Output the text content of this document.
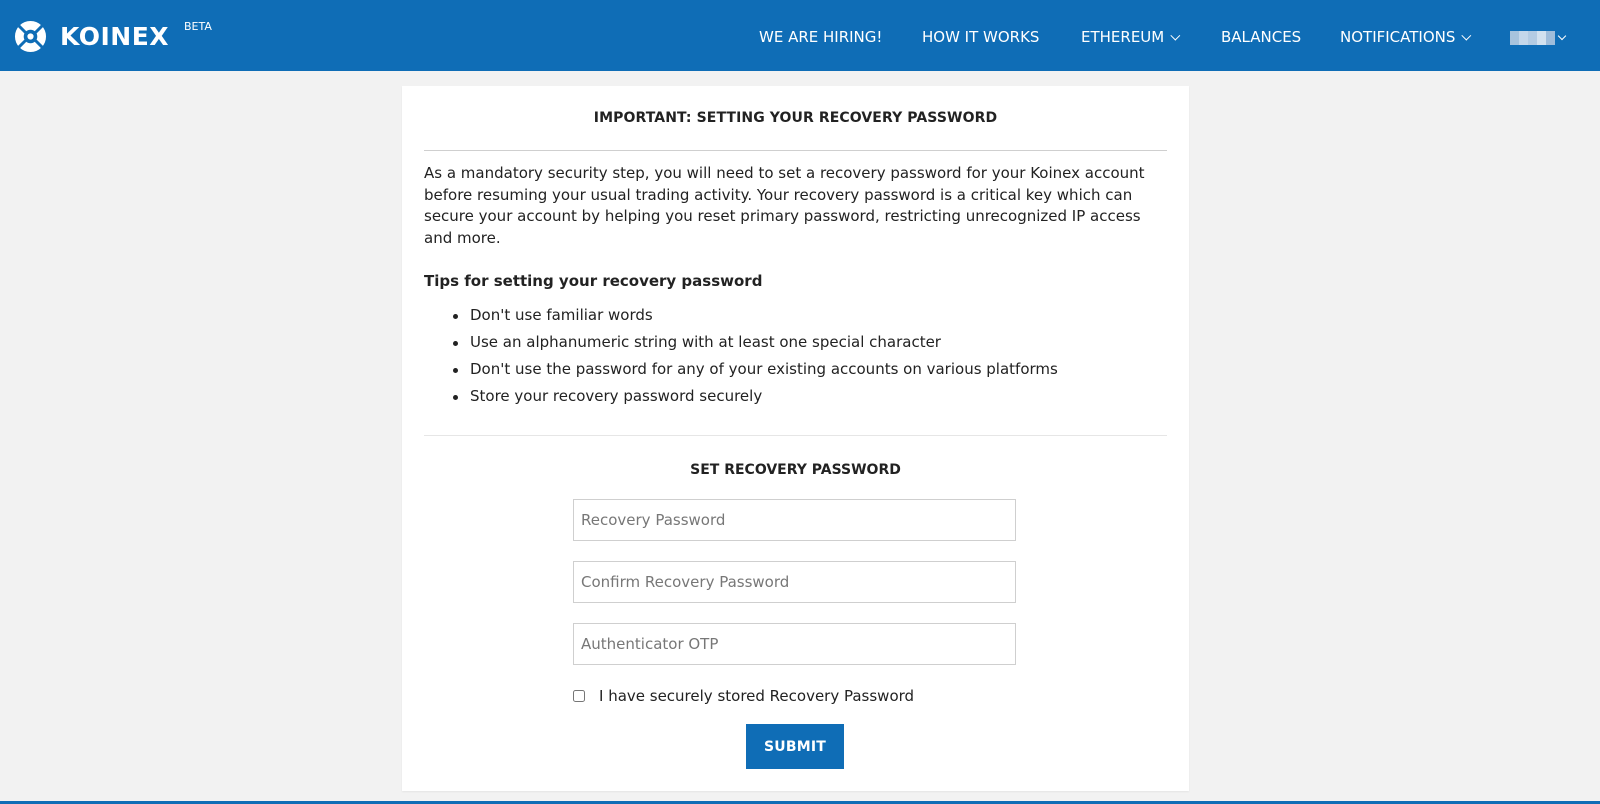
KOINEX BETA
WE ARE HIRING!	HOW IT WORKS	ETHEREUM	BALANCES	NOTIFICATIONS
IMPORTANT: SETTING YOUR RECOVERY PASSWORD
As a mandatory security step, you will need to set a recovery password for your Koinex account before resuming your usual trading activity. Your recovery password is a critical key which can secure your account by helping you reset primary password, restricting unrecognized IP access and more.
Tips for setting your recovery password
Don't use familiar words
Use an alphanumeric string with at least one special character
Don't use the password for any of your existing accounts on various platforms
Store your recovery password securely
SET RECOVERY PASSWORD
Authenticator OTP
I have securely stored Recovery Password
SUBMIT
